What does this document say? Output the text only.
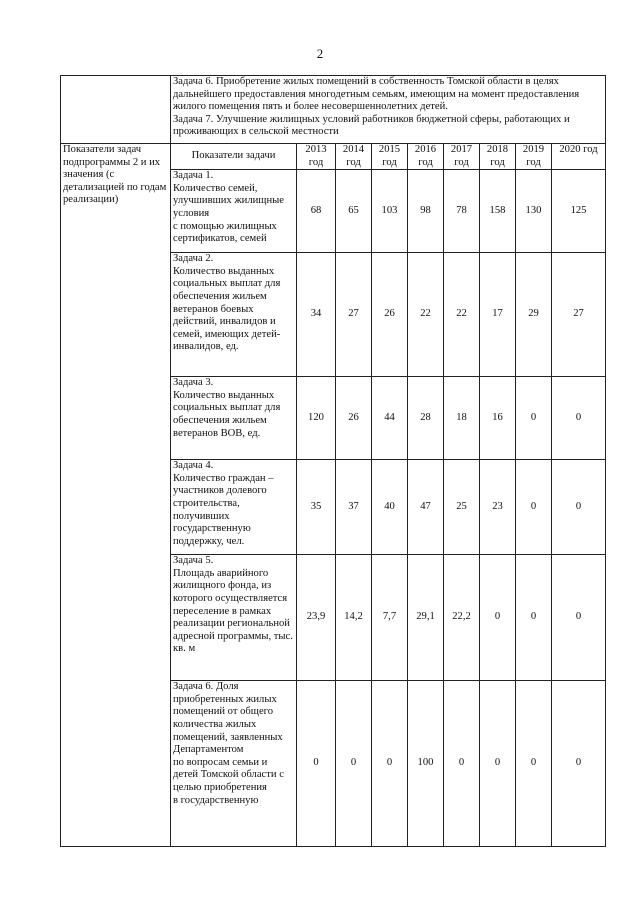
2
	Задача 6. Приобретение жилых помещений в собственность Томской области в целях дальнейшего предоставления многодетным семьям, имеющим на момент предоставления жилого помещения пять и более несовершеннолетних детей.
Задача 7. Улучшение жилищных условий работников бюджетной сферы, работающих и проживающих в сельской местности								
Показатели задач подпрограммы 2 и их значения (с детализацией по годам реализации)	Показатели задачи	2013 год	2014 год	2015 год	2016 год	2017 год	2018 год	2019 год	2020 год
	Задача 1.
Количество семей, улучшивших жилищные условия
с помощью жилищных сертификатов, семей	68	65	103	98	78	158	130	125
	Задача 2.
Количество выданных социальных выплат для обеспечения жильем ветеранов боевых действий, инвалидов и семей, имеющих детей-инвалидов, ед.	34	27	26	22	22	17	29	27
	Задача 3.
Количество выданных социальных выплат для обеспечения жильем ветеранов ВОВ, ед.	120	26	44	28	18	16	0	0
	Задача 4.
Количество граждан – участников долевого строительства, получивших государственную поддержку, чел.	35	37	40	47	25	23	0	0
	Задача 5.
Площадь аварийного жилищного фонда, из которого осуществляется переселение в рамках реализации региональной адресной программы, тыс. кв. м	23,9	14,2	7,7	29,1	22,2	0	0	0
	Задача 6. Доля приобретенных жилых помещений от общего количества жилых помещений, заявленных Департаментом
по вопросам семьи и детей Томской области с целью приобретения
в государственную	0	0	0	100	0	0	0	0
